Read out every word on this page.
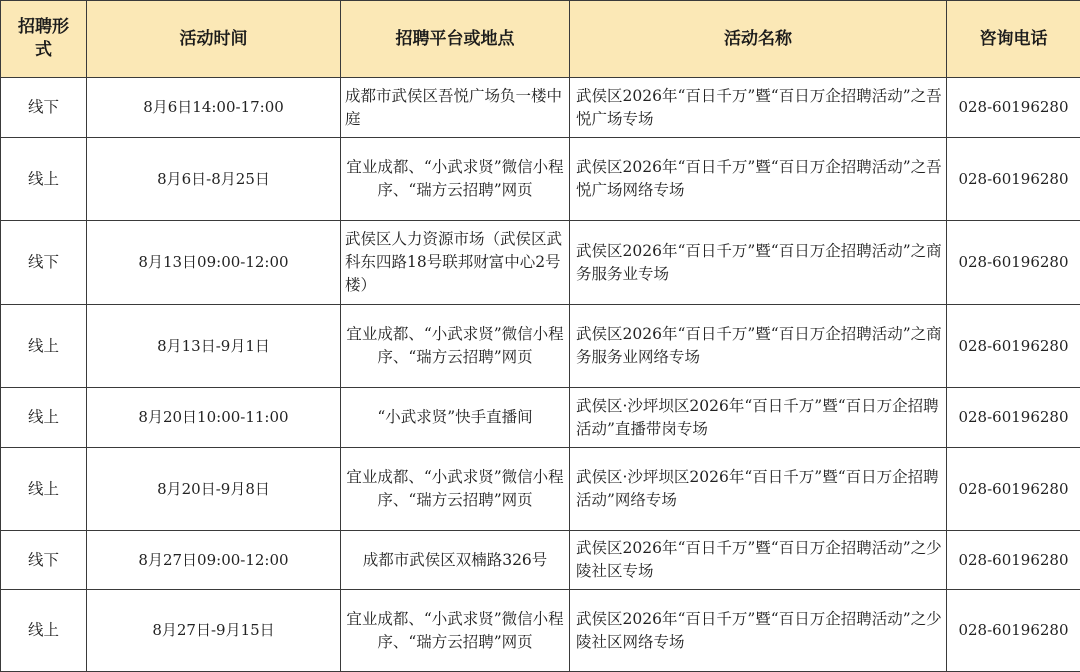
招聘形式	活动时间	招聘平台或地点	活动名称	咨询电话
线下	8月6日14:00-17:00	成都市武侯区吾悦广场负一楼中庭	武侯区2026年“百日千万”暨“百日万企招聘活动”之吾悦广场专场	028-60196280
线上	8月6日-8月25日	宜业成都、“小武求贤”微信小程序、“瑞方云招聘”网页	武侯区2026年“百日千万”暨“百日万企招聘活动”之吾悦广场网络专场	028-60196280
线下	8月13日09:00-12:00	武侯区人力资源市场（武侯区武科东四路18号联邦财富中心2号楼）	武侯区2026年“百日千万”暨“百日万企招聘活动”之商务服务业专场	028-60196280
线上	8月13日-9月1日	宜业成都、“小武求贤”微信小程序、“瑞方云招聘”网页	武侯区2026年“百日千万”暨“百日万企招聘活动”之商务服务业网络专场	028-60196280
线上	8月20日10:00-11:00	“小武求贤”快手直播间	武侯区·沙坪坝区2026年“百日千万”暨“百日万企招聘活动”直播带岗专场	028-60196280
线上	8月20日-9月8日	宜业成都、“小武求贤”微信小程序、“瑞方云招聘”网页	武侯区·沙坪坝区2026年“百日千万”暨“百日万企招聘活动”网络专场	028-60196280
线下	8月27日09:00-12:00	成都市武侯区双楠路326号	武侯区2026年“百日千万”暨“百日万企招聘活动”之少陵社区专场	028-60196280
线上	8月27日-9月15日	宜业成都、“小武求贤”微信小程序、“瑞方云招聘”网页	武侯区2026年“百日千万”暨“百日万企招聘活动”之少陵社区网络专场	028-60196280
